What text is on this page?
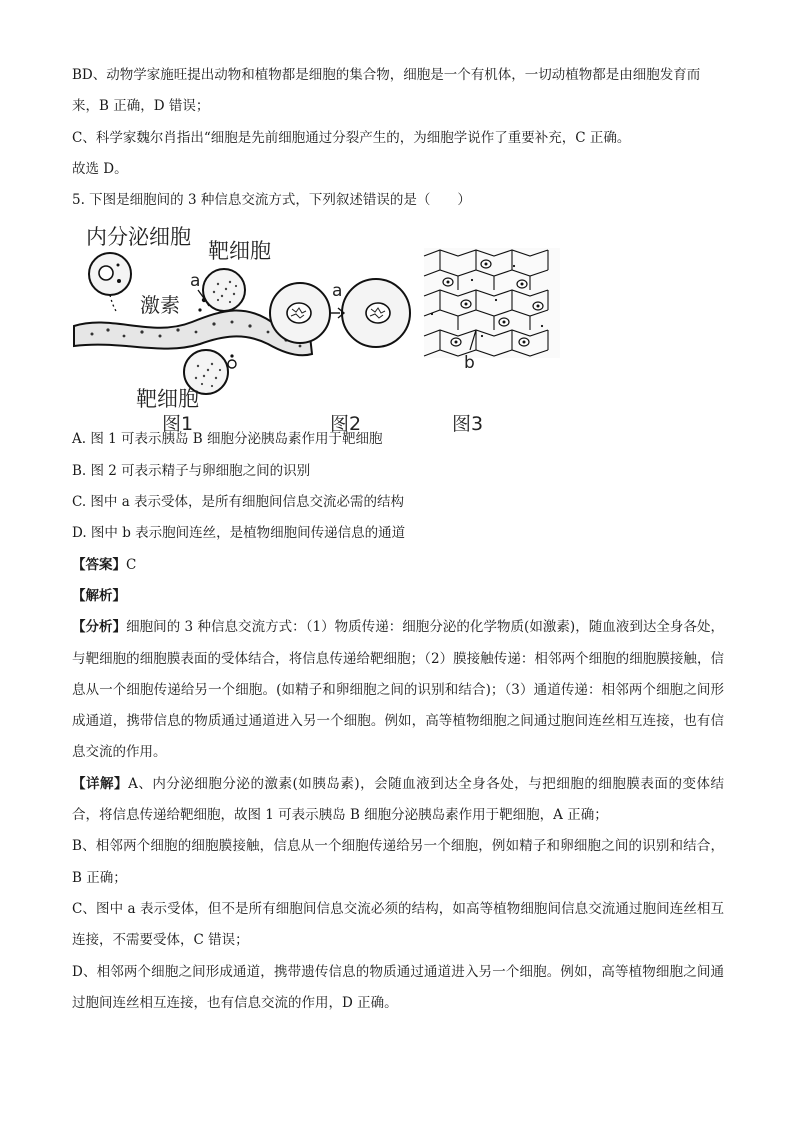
BD、动物学家施旺提出动物和植物都是细胞的集合物，细胞是一个有机体，一切动植物都是由细胞发育而

来，B 正确，D 错误；

C、科学家魏尔肖指出“细胞是先前细胞通过分裂产生的，为细胞学说作了重要补充，C 正确。

故选 D。

5. 下图是细胞间的 3 种信息交流方式，下列叙述错误的是（　　）

内分泌细胞
激素
a
靶细胞
靶细胞
图1
a
图2
b
图3

A. 图 1 可表示胰岛 B 细胞分泌胰岛素作用于靶细胞

B. 图 2 可表示精子与卵细胞之间的识别

C. 图中 a 表示受体，是所有细胞间信息交流必需的结构

D. 图中 b 表示胞间连丝，是植物细胞间传递信息的通道

【答案】C

【解析】

【分析】细胞间的 3 种信息交流方式：（1）物质传递：细胞分泌的化学物质(如激素)，随血液到达全身各处，与靶细胞的细胞膜表面的受体结合，将信息传递给靶细胞；（2）膜接触传递：相邻两个细胞的细胞膜接触，信息从一个细胞传递给另一个细胞。(如精子和卵细胞之间的识别和结合)；（3）通道传递：相邻两个细胞之间形成通道，携带信息的物质通过通道进入另一个细胞。例如，高等植物细胞之间通过胞间连丝相互连接，也有信息交流的作用。

【详解】A、内分泌细胞分泌的激素(如胰岛素)，会随血液到达全身各处，与把细胞的细胞膜表面的变体结合，将信息传递给靶细胞，故图 1 可表示胰岛 B 细胞分泌胰岛素作用于靶细胞，A 正确；

B、相邻两个细胞的细胞膜接触，信息从一个细胞传递给另一个细胞，例如精子和卵细胞之间的识别和结合，B 正确；

C、图中 a 表示受体，但不是所有细胞间信息交流必须的结构，如高等植物细胞间信息交流通过胞间连丝相互连接，不需要受体，C 错误；

D、相邻两个细胞之间形成通道，携带遗传信息的物质通过通道进入另一个细胞。例如，高等植物细胞之间通过胞间连丝相互连接，也有信息交流的作用，D 正确。
